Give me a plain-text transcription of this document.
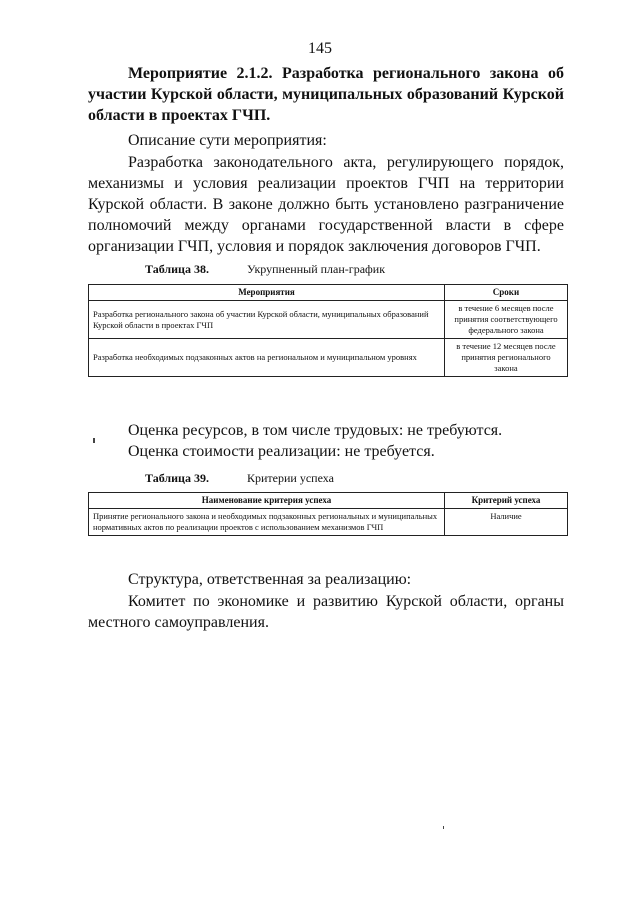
145
Мероприятие 2.1.2. Разработка регионального закона об участии Курской области, муниципальных образований Курской области в проектах ГЧП.
Описание сути мероприятия:
Разработка законодательного акта, регулирующего порядок, механизмы и условия реализации проектов ГЧП на территории Курской области. В законе должно быть установлено разграничение полномочий между органами государственной власти в сфере организации ГЧП, условия и порядок заключения договоров ГЧП.
Таблица 38.	Укрупненный план-график
Мероприятия	Сроки
Разработка регионального закона об участии Курской области, муниципальных образований Курской области в проектах ГЧП	в течение 6 месяцев после принятия соответствующего федерального закона
Разработка необходимых подзаконных актов на региональном и муниципальном уровнях	в течение 12 месяцев после принятия регионального закона
Оценка ресурсов, в том числе трудовых: не требуются.
Оценка стоимости реализации: не требуется.
Таблица 39.	Критерии успеха
Наименование критерия успеха	Критерий успеха
Принятие регионального закона и необходимых подзаконных региональных и муниципальных нормативных актов по реализации проектов с использованием механизмов ГЧП	Наличие
Структура, ответственная за реализацию:
Комитет по экономике и развитию Курской области, органы местного самоуправления.
